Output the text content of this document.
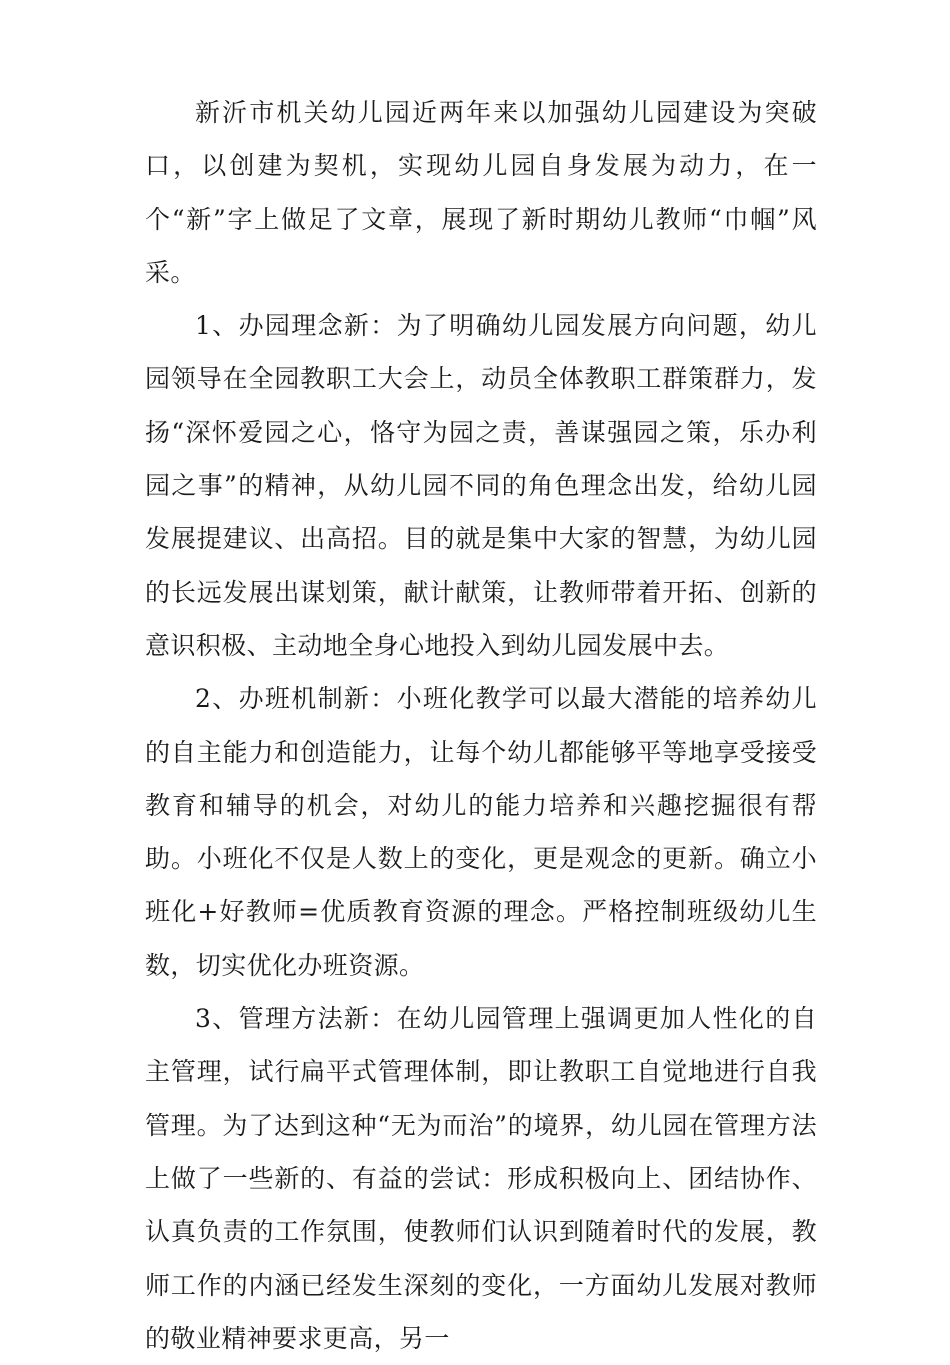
新沂市机关幼儿园近两年来以加强幼儿园建设为突破口，以创建为契机，实现幼儿园自身发展为动力，在一个“新”字上做足了文章，展现了新时期幼儿教师“巾帼”风采。

1、办园理念新：为了明确幼儿园发展方向问题，幼儿园领导在全园教职工大会上，动员全体教职工群策群力，发扬“深怀爱园之心，恪守为园之责，善谋强园之策，乐办利园之事”的精神，从幼儿园不同的角色理念出发，给幼儿园发展提建议、出高招。目的就是集中大家的智慧，为幼儿园的长远发展出谋划策，献计献策，让教师带着开拓、创新的意识积极、主动地全身心地投入到幼儿园发展中去。

2、办班机制新：小班化教学可以最大潜能的培养幼儿的自主能力和创造能力，让每个幼儿都能够平等地享受接受教育和辅导的机会，对幼儿的能力培养和兴趣挖掘很有帮助。小班化不仅是人数上的变化，更是观念的更新。确立小班化+好教师=优质教育资源的理念。严格控制班级幼儿生数，切实优化办班资源。

3、管理方法新：在幼儿园管理上强调更加人性化的自主管理，试行扁平式管理体制，即让教职工自觉地进行自我管理。为了达到这种“无为而治”的境界，幼儿园在管理方法上做了一些新的、有益的尝试：形成积极向上、团结协作、认真负责的工作氛围，使教师们认识到随着时代的发展，教师工作的内涵已经发生深刻的变化，一方面幼儿发展对教师的敬业精神要求更高，另一
